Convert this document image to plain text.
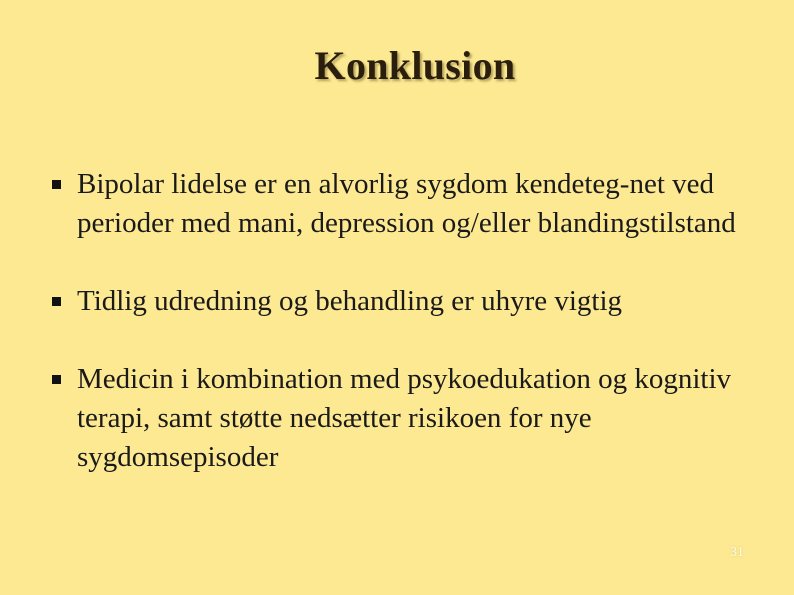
Konklusion
Bipolar lidelse er en alvorlig sygdom kendeteg-net ved perioder med mani, depression og/eller blandingstilstand
Tidlig udredning og behandling er uhyre vigtig
Medicin i kombination med psykoedukation og kognitiv terapi, samt støtte nedsætter risikoen for nye sygdomsepisoder
31
